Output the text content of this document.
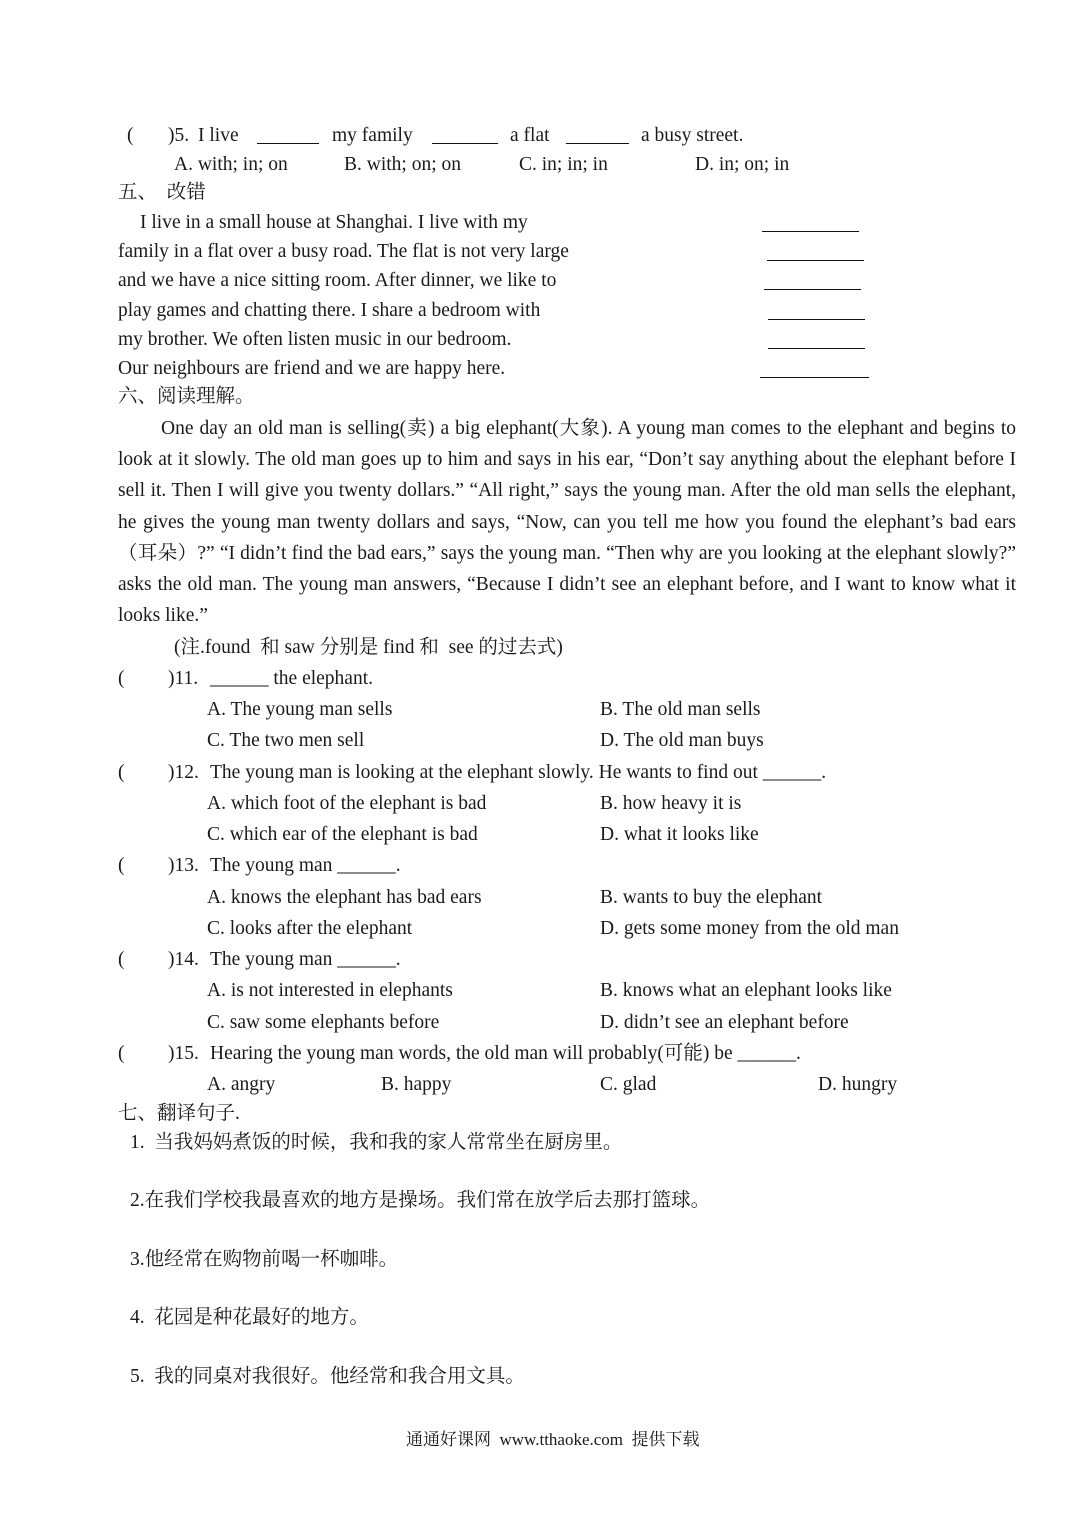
( )5. I live	my family	a flat	a busy street.
A. with; in; on	B. with; on; on	C. in; in; in	D. in; on; in
五、  改错
I live in a small house at Shanghai. I live with my
family in a flat over a busy road. The flat is not very large
and we have a nice sitting room. After dinner, we like to
play games and chatting there. I share a bedroom with
my brother. We often listen music in our bedroom.
Our neighbours are friend and we are happy here.
六、阅读理解。
One day an old man is selling(卖) a big elephant(大象). A young man comes to the elephant and begins to look at it slowly. The old man goes up to him and says in his ear, “Don’t say anything about the elephant before I sell it. Then I will give you twenty dollars.” “All right,” says the young man. After the old man sells the elephant, he gives the young man twenty dollars and says, “Now, can you tell me how you found the elephant’s bad ears（耳朵）?” “I didn’t find the bad ears,” says the young man. “Then why are you looking at the elephant slowly?” asks the old man. The young man answers, “Because I didn’t see an elephant before, and I want to know what it looks like.”
(注.found  和 saw 分别是 find 和  see 的过去式)
( )11. ______ the elephant.
A. The young man sells	B. The old man sells
C. The two men sell	D. The old man buys
( )12. The young man is looking at the elephant slowly. He wants to find out ______.
A. which foot of the elephant is bad	B. how heavy it is
C. which ear of the elephant is bad	D. what it looks like
( )13. The young man ______.
A. knows the elephant has bad ears	B. wants to buy the elephant
C. looks after the elephant	D. gets some money from the old man
( )14. The young man ______.
A. is not interested in elephants	B. knows what an elephant looks like
C. saw some elephants before	D. didn’t see an elephant before
( )15. Hearing the young man words, the old man will probably(可能) be ______.
A. angry	B. happy	C. glad	D. hungry
七、翻译句子.
1.  当我妈妈煮饭的时候，我和我的家人常常坐在厨房里。
2.在我们学校我最喜欢的地方是操场。我们常在放学后去那打篮球。
3.他经常在购物前喝一杯咖啡。
4.  花园是种花最好的地方。
5.  我的同桌对我很好。他经常和我合用文具。
通通好课网  www.tthaoke.com  提供下载
